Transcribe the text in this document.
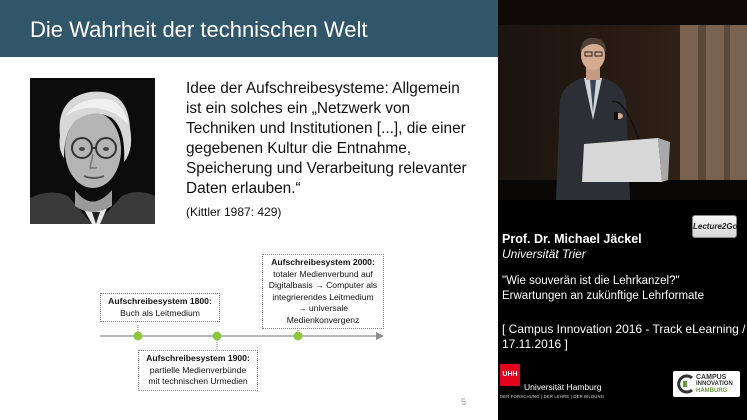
Die Wahrheit der technischen Welt
Idee der Aufschreibesysteme: Allgemein
ist ein solches ein „Netzwerk von
Techniken und Institutionen [...], die einer
gegebenen Kultur die Entnahme,
Speicherung und Verarbeitung relevanter
Daten erlauben.“
(Kittler 1987: 429)
Aufschreibesystem 1800:
Buch als Leitmedium
Aufschreibesystem 1900:
partielle Medienverbünde
mit technischen Urmedien
Aufschreibesystem 2000:
totaler Medienverbund auf
Digitalbasis → Computer als
integrierendes Leitmedium
→ universale Medienkonvergenz
5
Prof. Dr. Michael Jäckel
Universität Trier
"Wie souverän ist die Lehrkanzel?"
Erwartungen an zukünftige Lehrformate
[ Campus Innovation 2016 - Track eLearning /
17.11.2016 ]
Lecture2Go
UHH
Universität Hamburg
DER FORSCHUNG | DER LEHRE | DER BILDUNG
CAMPUS
INNOVATION
HAMBURG
